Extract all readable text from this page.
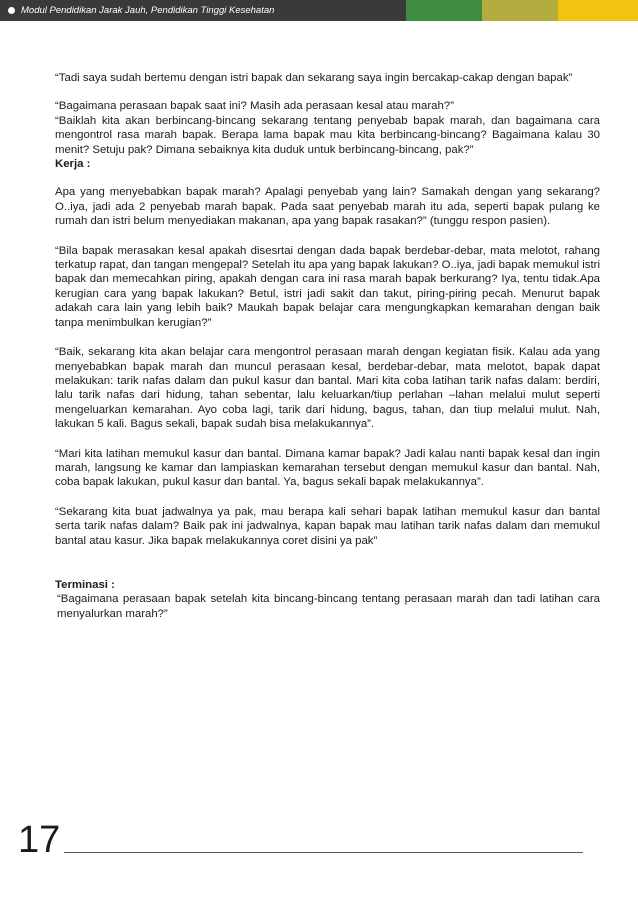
Modul Pendidikan Jarak Jauh, Pendidikan Tinggi Kesehatan

“Tadi saya sudah bertemu dengan istri bapak dan sekarang saya ingin bercakap-cakap dengan bapak”

“Bagaimana perasaan bapak saat ini? Masih ada perasaan kesal atau marah?”

“Baiklah kita akan berbincang-bincang sekarang tentang penyebab bapak marah, dan bagaimana cara mengontrol rasa marah bapak. Berapa lama bapak mau kita berbincang-bincang? Bagaimana kalau 30 menit? Setuju pak? Dimana sebaiknya kita duduk untuk berbincang-bincang, pak?”

Kerja :

Apa yang menyebabkan bapak marah? Apalagi penyebab yang lain? Samakah dengan yang sekarang? O..iya, jadi ada 2 penyebab marah bapak. Pada saat penyebab marah itu ada, seperti bapak pulang ke rumah dan istri belum menyediakan makanan, apa yang bapak rasakan?” (tunggu respon pasien).

“Bila bapak merasakan kesal apakah disesrtai dengan dada bapak berdebar-debar, mata melotot, rahang terkatup rapat, dan tangan mengepal? Setelah itu apa yang bapak lakukan? O..iya, jadi bapak memukul istri bapak dan memecahkan piring, apakah dengan cara ini rasa marah bapak berkurang? Iya, tentu tidak.Apa kerugian cara yang bapak lakukan? Betul, istri jadi sakit dan takut, piring-piring pecah. Menurut bapak adakah cara lain yang lebih baik? Maukah bapak belajar cara mengungkapkan kemarahan dengan baik tanpa menimbulkan kerugian?”

“Baik, sekarang kita akan belajar cara mengontrol perasaan marah dengan kegiatan fisik. Kalau ada yang menyebabkan bapak marah dan muncul perasaan kesal, berdebar-debar, mata melotot, bapak dapat melakukan: tarik nafas dalam dan pukul kasur dan bantal. Mari kita coba latihan tarik nafas dalam: berdiri, lalu tarik nafas dari hidung, tahan sebentar, lalu keluarkan/tiup perlahan –lahan melalui mulut seperti mengeluarkan kemarahan. Ayo coba lagi, tarik dari hidung, bagus, tahan, dan tiup melalui mulut. Nah, lakukan 5 kali. Bagus sekali, bapak sudah bisa melakukannya”.

“Mari kita latihan memukul kasur dan bantal. Dimana kamar bapak? Jadi kalau nanti bapak kesal dan ingin marah, langsung ke kamar dan lampiaskan kemarahan tersebut dengan memukul kasur dan bantal. Nah, coba bapak lakukan, pukul kasur dan bantal. Ya, bagus sekali bapak melakukannya”.

“Sekarang kita buat jadwalnya ya pak, mau berapa kali sehari bapak latihan memukul kasur dan bantal serta tarik nafas dalam? Baik pak ini jadwalnya, kapan bapak mau latihan tarik nafas dalam dan memukul bantal atau kasur. Jika bapak melakukannya coret disini ya pak”

Terminasi :

“Bagaimana perasaan bapak setelah kita bincang-bincang tentang perasaan marah dan tadi latihan cara menyalurkan marah?”

17
